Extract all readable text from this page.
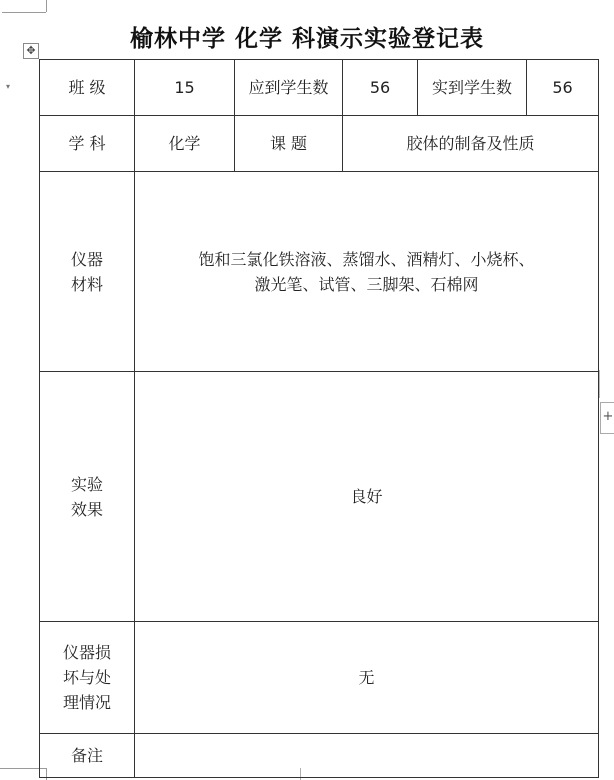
▾
✥
+
榆林中学 化学 科演示实验登记表
班 级	15	应到学生数	56	实到学生数	56
学 科	化学	课 题	胶体的制备及性质		
仪器
材料	饱和三氯化铁溶液、蒸馏水、酒精灯、小烧杯、
激光笔、试管、三脚架、石棉网				
实验
效果	良好				
仪器损
坏与处
理情况	无				
备注					
